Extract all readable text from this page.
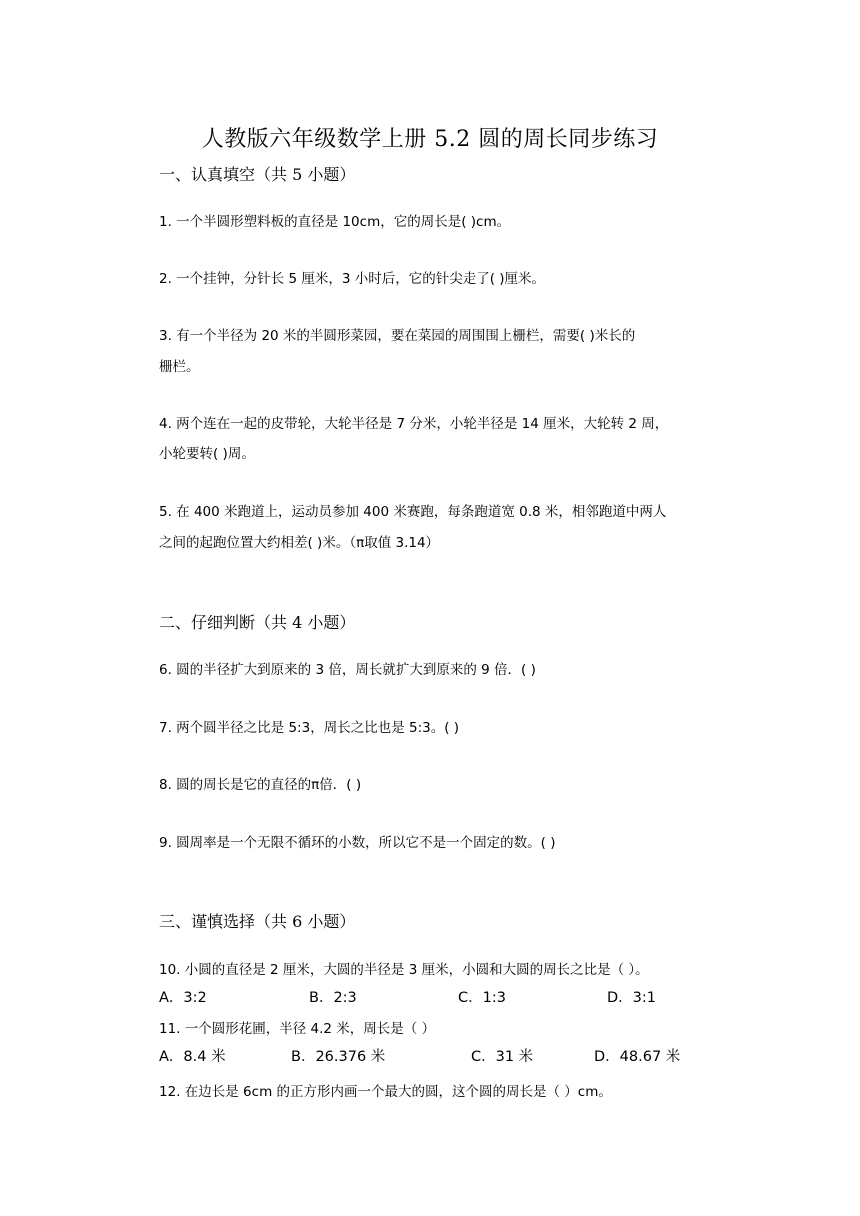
人教版六年级数学上册 5.2 圆的周长同步练习
一、认真填空（共 5 小题）
1. 一个半圆形塑料板的直径是 10cm，它的周长是( )cm。
2. 一个挂钟，分针长 5 厘米，3 小时后，它的针尖走了( )厘米。
3. 有一个半径为 20 米的半圆形菜园，要在菜园的周围围上栅栏，需要( )米长的
栅栏。
4. 两个连在一起的皮带轮，大轮半径是 7 分米，小轮半径是 14 厘米，大轮转 2 周，
小轮要转( )周。
5. 在 400 米跑道上，运动员参加 400 米赛跑，每条跑道宽 0.8 米，相邻跑道中两人
之间的起跑位置大约相差( )米。（π取值 3.14）
二、仔细判断（共 4 小题）
6. 圆的半径扩大到原来的 3 倍，周长就扩大到原来的 9 倍．( )
7. 两个圆半径之比是 5:3，周长之比也是 5:3。( )
8. 圆的周长是它的直径的π倍．( )
9. 圆周率是一个无限不循环的小数，所以它不是一个固定的数。( )
三、谨慎选择（共 6 小题）
10. 小圆的直径是 2 厘米，大圆的半径是 3 厘米，小圆和大圆的周长之比是（ ）。
A．3:2	B．2:3	C．1:3	D．3:1
11. 一个圆形花圃，半径 4.2 米，周长是（ ）
A．8.4 米	B．26.376 米	C．31 米	D．48.67 米
12. 在边长是 6cm 的正方形内画一个最大的圆，这个圆的周长是（ ）cm。
